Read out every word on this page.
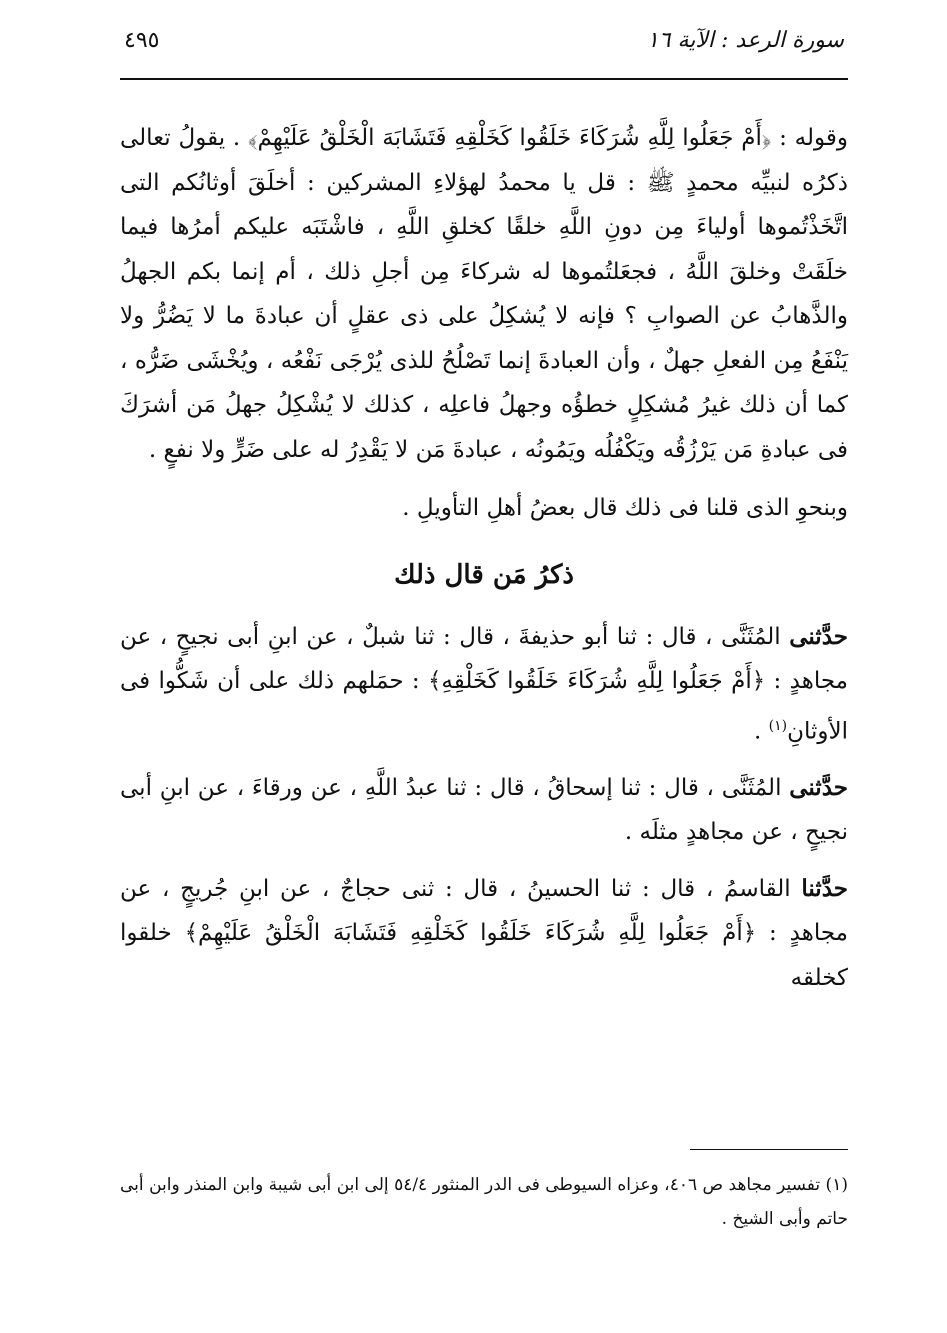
سورة الرعد : الآية ١٦
٤٩٥

وقوله : ﴿أَمْ جَعَلُوا لِلَّهِ شُرَكَاءَ خَلَقُوا كَخَلْقِهِ فَتَشَابَهَ الْخَلْقُ عَلَيْهِمْ﴾ . يقولُ تعالى ذكرُه لنبيِّه محمدٍ ﷺ : قل يا محمدُ لهؤلاءِ المشركين : أخلَقَ أوثانُكم التى اتَّخَذْتُموها أولياءَ مِن دونِ اللَّهِ خلقًا كخلقِ اللَّهِ ، فاشْتَبَه عليكم أمرُها فيما خلَقَتْ وخلقَ اللَّهُ ، فجعَلتُموها له شركاءَ مِن أجلِ ذلك ، أم إنما بكم الجهلُ والذَّهابُ عن الصوابِ ؟ فإنه لا يُشكِلُ على ذى عقلٍ أن عبادةَ ما لا يَضُرُّ ولا يَنْفَعُ مِن الفعلِ جهلٌ ، وأن العبادةَ إنما تَصْلُحُ للذى يُرْجَى نَفْعُه ، ويُخْشَى ضَرُّه ، كما أن ذلك غيرُ مُشكِلٍ خطؤُه وجهلُ فاعلِه ، كذلك لا يُشْكِلُ جهلُ مَن أشرَكَ فى عبادةِ مَن يَرْزُقُه ويَكْفُلُه ويَمُونُه ، عبادةَ مَن لا يَقْدِرُ له على ضَرٍّ ولا نفعٍ .

وبنحوِ الذى قلنا فى ذلك قال بعضُ أهلِ التأويلِ .

ذكرُ مَن قال ذلك

حدَّثنى المُثَنَّى ، قال : ثنا أبو حذيفةَ ، قال : ثنا شبلٌ ، عن ابنِ أبى نجيحٍ ، عن مجاهدٍ : ﴿أَمْ جَعَلُوا لِلَّهِ شُرَكَاءَ خَلَقُوا كَخَلْقِهِ﴾ : حمَلهم ذلك على أن شَكُّوا فى الأوثانِ$^{(١)}$ .

حدَّثنى المُثَنَّى ، قال : ثنا إسحاقُ ، قال : ثنا عبدُ اللَّهِ ، عن ورقاءَ ، عن ابنِ أبى نجيحٍ ، عن مجاهدٍ مثلَه .

حدَّثنا القاسمُ ، قال : ثنا الحسينُ ، قال : ثنى حجاجٌ ، عن ابنِ جُريجٍ ، عن مجاهدٍ : ﴿أَمْ جَعَلُوا لِلَّهِ شُرَكَاءَ خَلَقُوا كَخَلْقِهِ فَتَشَابَهَ الْخَلْقُ عَلَيْهِمْ﴾ خلقوا كخلقه

(١) تفسير مجاهد ص ٤٠٦، وعزاه السيوطى فى الدر المنثور ٥٤/٤ إلى ابن أبى شيبة وابن المنذر وابن أبى حاتم وأبى الشيخ .
